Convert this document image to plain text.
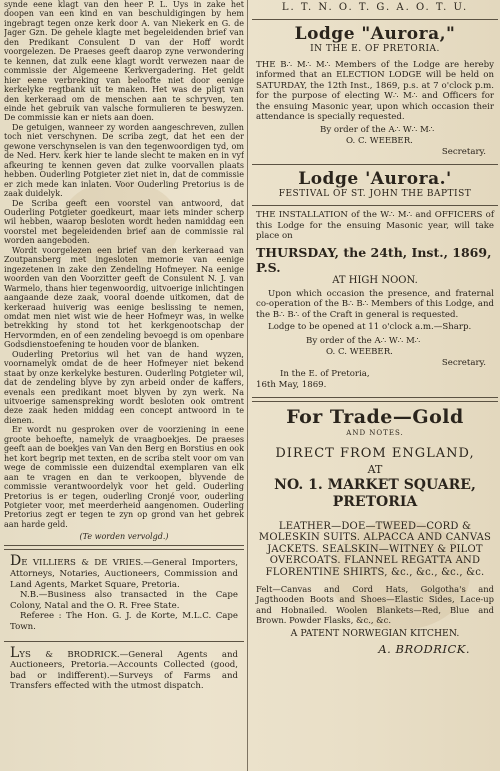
synde eene klagt van den heer P. L. Uys in zake het doopen van een kind en van beschuldigingen by hem ingebragt tegen onze kerk door A. van Niekerk en G. de Jager Gzn. De gehele klagte met begeleidenden brief van den Predikant Consulent D van der Hoff wordt voorgelezen. De Praeses geeft daarop zyne verwondering te kennen, dat zulk eene klagt wordt verwezen naar de commissie der Algemeene Kerkvergadering. Het geldt hier eene verbreking van beloofte niet door eenige kerkelyke regtbank uit te maken. Het was de pligt van den kerkeraad om de menschen aan te schryven, ten einde het gebruik van valsche formulieren te beswyzen. De commissie kan er niets aan doen.

De getuigen, wanneer zy worden aangeschreven, zullen toch niet verschynen. De scriba zegt, dat het een der gewone verschynselen is van den tegenwoordigen tyd, om de Ned. Herv. kerk hier te lande slecht te maken en in vyf afkeuring te kennen geven dat zulke voorvallen plaats hebben. Ouderling Potgieter ziet niet in, dat de commissie er zich mede kan inlaten. Voor Ouderling Pretorius is de zaak duidelyk.

De Scriba geeft een voorstel van antwoord, dat Ouderling Potgieter goedkeurt, maar iets minder scherp wil hebben, waarop besloten wordt heden namiddag een voorstel met begeleidenden brief aan de commissie ral worden aangeboden.

Wordt voorgelezen een brief van den kerkeraad van Zoutpansberg met ingesloten memorie van eenige ingezetenen in zake den Zendeling Hofmeyer. Na eenige woorden van den Voorzitter geeft de Consulent N. J. van Warmelo, thans hier tegenwoordig, uitvoerige inlichtingen aangaande deze zaak, vooral doende uitkomen, dat de kerkeraad huiverig was eenige beslissing te nemen, omdat men niet wist wie de heer Hofmeyr was, in welke betrekking hy stond tot het kerkgenootschap der Hervormden, en of een zendeling bevoegd is om openbare Godsdienstoefening te houden voor de blanken.

Ouderling Pretorius wil het van de hand wyzen, voornamelyk omdat de de heer Hofmeyer niet bekend staat by onze kerkelyke besturen. Ouderling Potgieter wil, dat de zendeling blyve by zyn arbeid onder de kaffers, evenals een predikant moet blyven by zyn werk. Na uitvoerige samenspreking wordt besloten ook omtrent deze zaak heden middag een concept antwoord in te dienen.

Er wordt nu gesproken over de voorziening in eene groote behoefte, namelyk de vraagboekjes. De praeses geeft aan de boekjes van Van den Berg en Borstius en ook het kort begrip met texten, en de scriba stelt voor om van wege de commissie een duizendtal exemplaren van elk aan te vragen en dan te verkoopen, blyvende de commissie verantwoordelyk voor het geld. Ouderling Pretorius is er tegen, ouderling Cronjé voor, ouderling Potgieter voor, met meerderheid aangenomen. Ouderling Pretorius zegt er tegen te zyn op grond van het gebrek aan harde geld.

(Te worden vervolgd.)

DE VILLIERS & DE VRIES.—General Importers, Attorneys, Notaries, Auctioneers, Commission and Land Agents, Market Square, Pretoria.
N.B.—Business also transacted in the Cape Colony, Natal and the O. R. Free State.
Referee : The Hon. G. J. de Korte, M.L.C. Cape Town.
LYS & BRODRICK.—General Agents and Auctioneers, Pretoria.—Accounts Collected (good, bad or indifferent).—Surveys of Farms and Transfers effected with the utmost dispatch.
L. T. N. O. T. G. A. O. T. U.

Lodge "Aurora,"

IN THE E. OF PRETORIA.

THE B∴ M∴ M∴ Members of the Lodge are hereby informed that an ELECTION LODGE will be held on SATURDAY, the 12th Inst., 1869, p.s. at 7 o'clock p.m. for the purpose of electing W∴ M∴ and Officers for the ensuing Masonic year, upon which occasion their attendance is specially requested.

By order of the A∴ W∴ M∴
O. C. WEEBER.
Secretary.

Lodge 'Aurora.'

FESTIVAL OF ST. JOHN THE BAPTIST

THE INSTALLATION of the W∴ M∴ and OFFICERS of this Lodge for the ensuing Masonic year, will take place on

THURSDAY, the 24th, Inst., 1869, P.S.

AT HIGH NOON.

Upon which occasion the presence, and fraternal co-operation of the B∴ B∴ Members of this Lodge, and the B∴ B∴ of the Craft in general is requested.

Lodge to be opened at 11 o'clock a.m.—Sharp.

By order of the A∴ W∴ M∴
O. C. WEEBER.
Secretary.
In the E. of Pretoria,
16th May, 1869.

For Trade—Gold

AND NOTES.

DIRECT FROM ENGLAND,

AT

NO. 1. MARKET SQUARE, PRETORIA

LEATHER—DOE—TWEED—CORD & MOLESKIN SUITS. ALPACCA AND CANVAS JACKETS. SEALSKIN—WITNEY & PILOT OVERCOATS. FLANNEL REGATTA AND FLORENTINE SHIRTS, &c., &c., &c., &c.

Felt—Canvas and Cord Hats, Golgotha's and Jagthooden Boots and Shoes—Elastic Sides, Lace-up and Hobnailed. Woolen Blankets—Red, Blue and Brown. Powder Flasks, &c., &c.

A PATENT NORWEGIAN KITCHEN.

A. BRODRICK.
